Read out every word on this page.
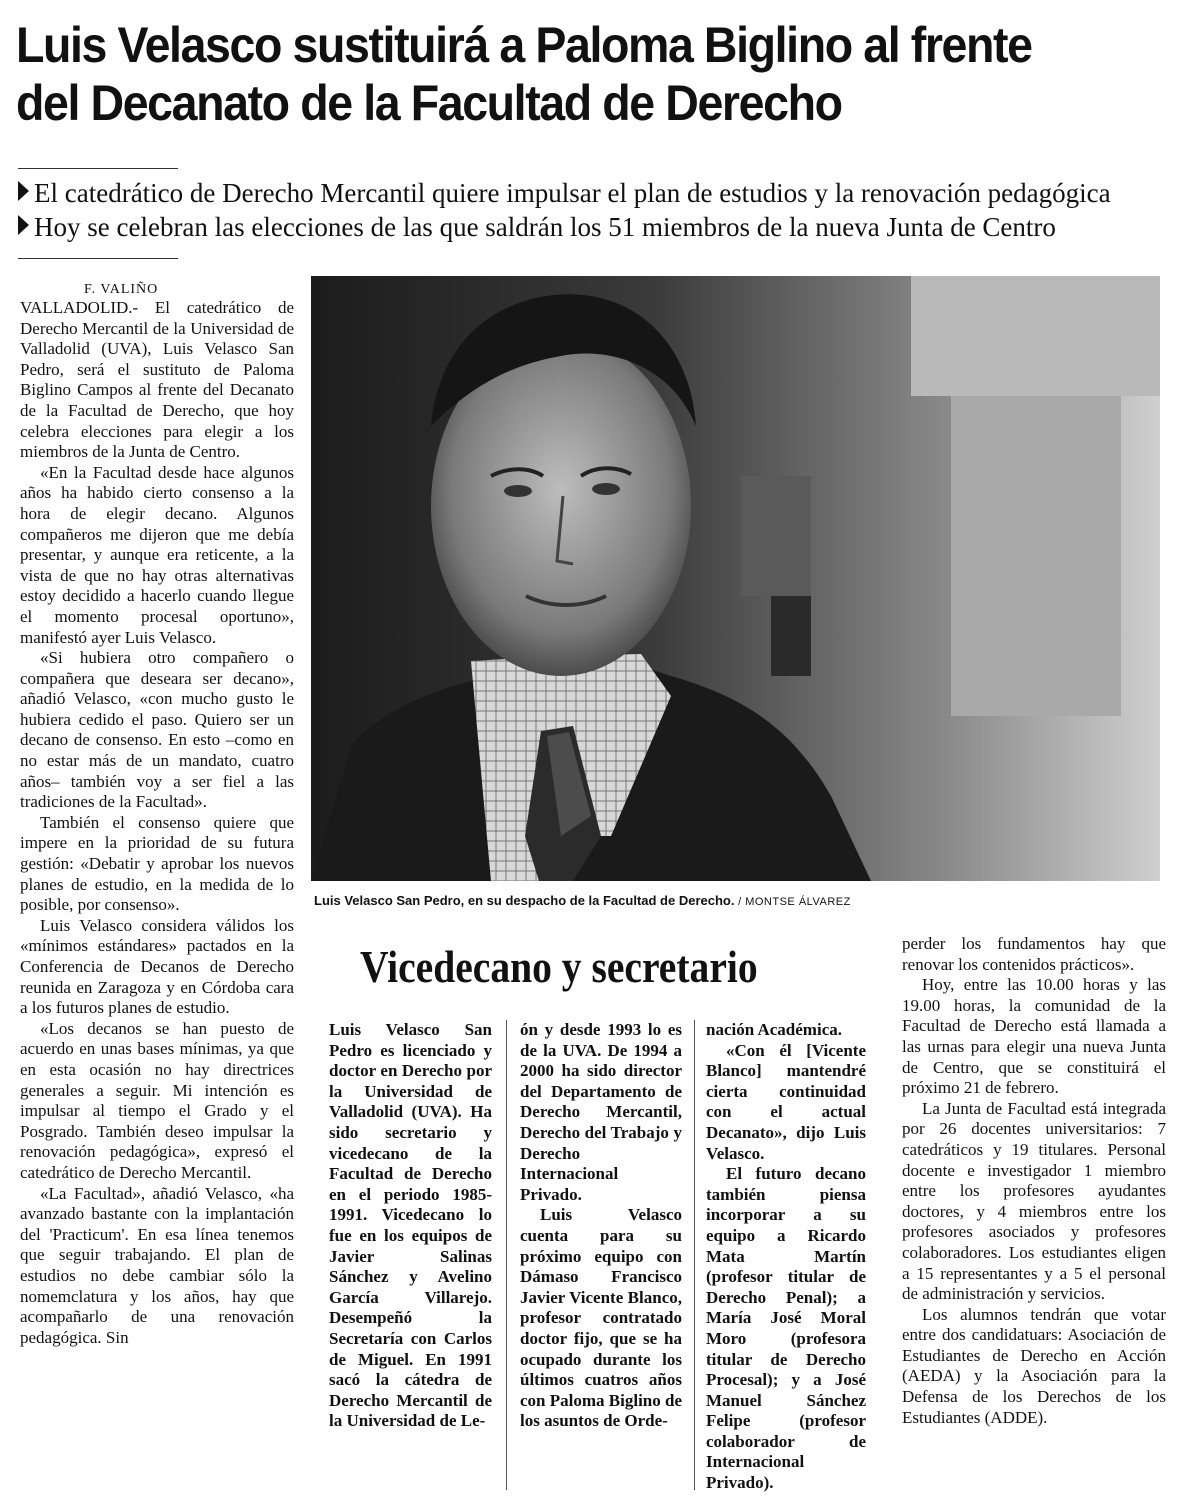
Luis Velasco sustituirá a Paloma Biglino al frente del Decanato de la Facultad de Derecho
El catedrático de Derecho Mercantil quiere impulsar el plan de estudios y la renovación pedagógica
Hoy se celebran las elecciones de las que saldrán los 51 miembros de la nueva Junta de Centro
F. VALIÑO

VALLADOLID.- El catedrático de Derecho Mercantil de la Universidad de Valladolid (UVA), Luis Velasco San Pedro, será el sustituto de Paloma Biglino Campos al frente del Decanato de la Facultad de Derecho, que hoy celebra elecciones para elegir a los miembros de la Junta de Centro.

«En la Facultad desde hace algunos años ha habido cierto consenso a la hora de elegir decano. Algunos compañeros me dijeron que me debía presentar, y aunque era reticente, a la vista de que no hay otras alternativas estoy decidido a hacerlo cuando llegue el momento procesal oportuno», manifestó ayer Luis Velasco.

«Si hubiera otro compañero o compañera que deseara ser decano», añadió Velasco, «con mucho gusto le hubiera cedido el paso. Quiero ser un decano de consenso. En esto –como en no estar más de un mandato, cuatro años– también voy a ser fiel a las tradiciones de la Facultad».

También el consenso quiere que impere en la prioridad de su futura gestión: «Debatir y aprobar los nuevos planes de estudio, en la medida de lo posible, por consenso».

Luis Velasco considera válidos los «mínimos estándares» pactados en la Conferencia de Decanos de Derecho reunida en Zaragoza y en Córdoba cara a los futuros planes de estudio.

«Los decanos se han puesto de acuerdo en unas bases mínimas, ya que en esta ocasión no hay directrices generales a seguir. Mi intención es impulsar al tiempo el Grado y el Posgrado. También deseo impulsar la renovación pedagógica», expresó el catedrático de Derecho Mercantil.

«La Facultad», añadió Velasco, «ha avanzado bastante con la implantación del 'Practicum'. En esa línea tenemos que seguir trabajando. El plan de estudios no debe cambiar sólo la nomemclatura y los años, hay que acompañarlo de una renovación pedagógica. Sin

Luis Velasco San Pedro, en su despacho de la Facultad de Derecho. / MONTSE ÁLVAREZ
Vicedecano y secretario

Luis Velasco San Pedro es licenciado y doctor en Derecho por la Universidad de Valladolid (UVA). Ha sido secretario y vicedecano de la Facultad de Derecho en el periodo 1985-1991. Vicedecano lo fue en los equipos de Javier Salinas Sánchez y Avelino García Villarejo. Desempeñó la Secretaría con Carlos de Miguel. En 1991 sacó la cátedra de Derecho Mercantil de la Universidad de Le-

ón y desde 1993 lo es de la UVA. De 1994 a 2000 ha sido director del Departamento de Derecho Mercantil, Derecho del Trabajo y Derecho Internacional Privado.

Luis Velasco cuenta para su próximo equipo con Dámaso Francisco Javier Vicente Blanco, profesor contratado doctor fijo, que se ha ocupado durante los últimos cuatros años con Paloma Biglino de los asuntos de Orde-

nación Académica.

«Con él [Vicente Blanco] mantendré cierta continuidad con el actual Decanato», dijo Luis Velasco.

El futuro decano también piensa incorporar a su equipo a Ricardo Mata Martín (profesor titular de Derecho Penal); a María José Moral Moro (profesora titular de Derecho Procesal); y a José Manuel Sánchez Felipe (profesor colaborador de Internacional Privado).

perder los fundamentos hay que renovar los contenidos prácticos».

Hoy, entre las 10.00 horas y las 19.00 horas, la comunidad de la Facultad de Derecho está llamada a las urnas para elegir una nueva Junta de Centro, que se constituirá el próximo 21 de febrero.

La Junta de Facultad está integrada por 26 docentes universitarios: 7 catedráticos y 19 titulares. Personal docente e investigador 1 miembro entre los profesores ayudantes doctores, y 4 miembros entre los profesores asociados y profesores colaboradores. Los estudiantes eligen a 15 representantes y a 5 el personal de administración y servicios.

Los alumnos tendrán que votar entre dos candidatuars: Asociación de Estudiantes de Derecho en Acción (AEDA) y la Asociación para la Defensa de los Derechos de los Estudiantes (ADDE).
